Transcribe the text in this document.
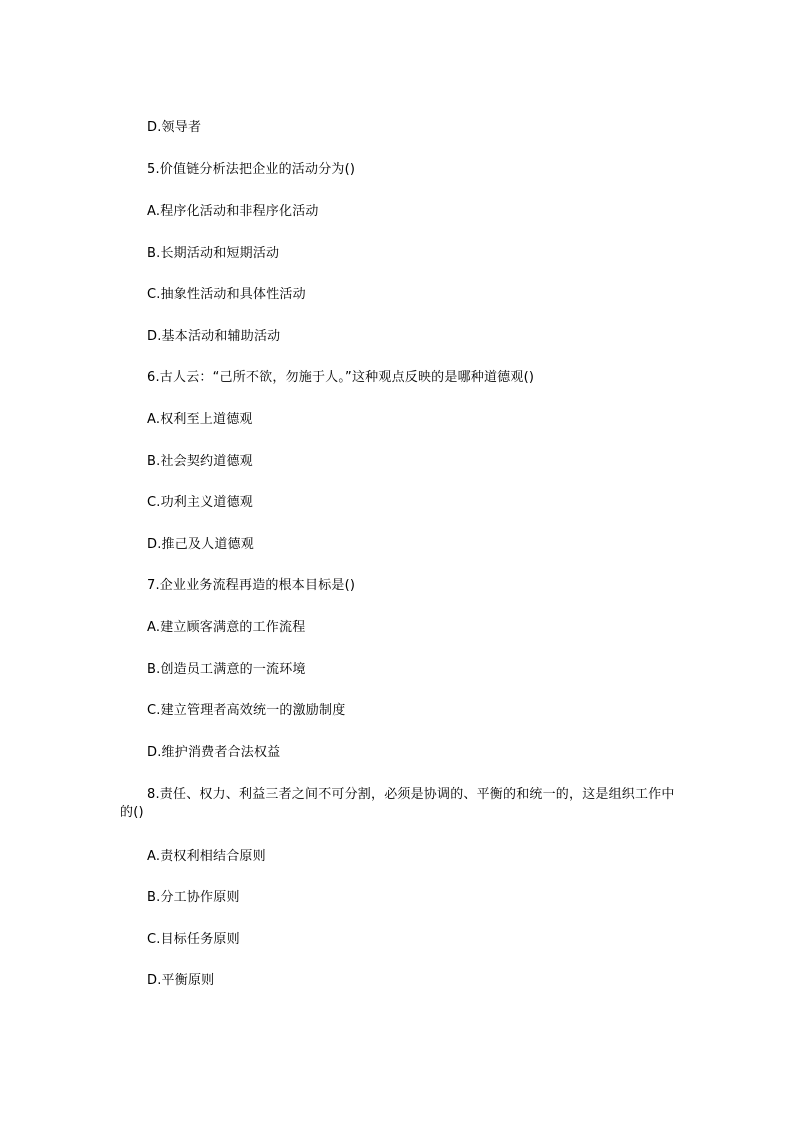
D.领导者
5.价值链分析法把企业的活动分为()
A.程序化活动和非程序化活动
B.长期活动和短期活动
C.抽象性活动和具体性活动
D.基本活动和辅助活动
6.古人云：“己所不欲，勿施于人。”这种观点反映的是哪种道德观()
A.权利至上道德观
B.社会契约道德观
C.功利主义道德观
D.推己及人道德观
7.企业业务流程再造的根本目标是()
A.建立顾客满意的工作流程
B.创造员工满意的一流环境
C.建立管理者高效统一的激励制度
D.维护消费者合法权益
8.责任、权力、利益三者之间不可分割，必须是协调的、平衡的和统一的，这是组织工作中的()
A.责权利相结合原则
B.分工协作原则
C.目标任务原则
D.平衡原则
